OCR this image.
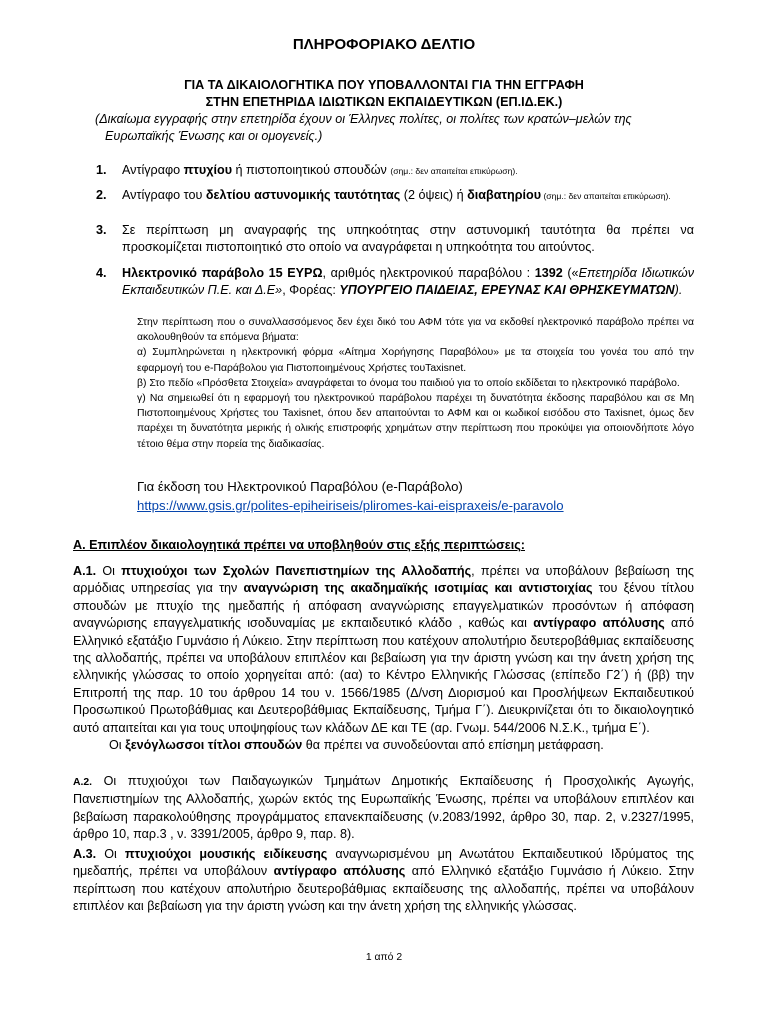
ΠΛΗΡΟΦΟΡΙΑΚΟ ΔΕΛΤΙΟ
ΓΙΑ ΤΑ ΔΙΚΑΙΟΛΟΓΗΤΙΚΑ ΠΟΥ ΥΠΟΒΑΛΛΟΝΤΑΙ ΓΙΑ ΤΗΝ ΕΓΓΡΑΦΗ
ΣΤΗΝ ΕΠΕΤΗΡΙΔΑ ΙΔΙΩΤΙΚΩΝ ΕΚΠΑΙΔΕΥΤΙΚΩΝ (ΕΠ.ΙΔ.ΕΚ.)
(Δικαίωμα εγγραφής στην επετηρίδα έχουν οι Έλληνες πολίτες, οι πολίτες των κρατών–μελών της
Ευρωπαϊκής Ένωσης και οι ομογενείς.)
1. Αντίγραφο πτυχίου ή πιστοποιητικού σπουδών (σημ.: δεν απαιτείται επικύρωση).
2. Αντίγραφο του δελτίου αστυνομικής ταυτότητας (2 όψεις) ή διαβατηρίου (σημ.: δεν απαιτείται επικύρωση).
3. Σε περίπτωση μη αναγραφής της υπηκοότητας στην αστυνομική ταυτότητα θα πρέπει να προσκομίζεται πιστοποιητικό στο οποίο να αναγράφεται η υπηκοότητα του αιτούντος.
4. Ηλεκτρονικό παράβολο 15 ΕΥΡΩ, αριθμός ηλεκτρονικού παραβόλου : 1392 («Επετηρίδα Ιδιωτικών Εκπαιδευτικών Π.Ε. και Δ.Ε», Φορέας: ΥΠΟΥΡΓΕΙΟ ΠΑΙΔΕΙΑΣ, ΕΡΕΥΝΑΣ ΚΑΙ ΘΡΗΣΚΕΥΜΑΤΩΝ).
Στην περίπτωση που ο συναλλασσόμενος δεν έχει δικό του ΑΦΜ τότε για να εκδοθεί ηλεκτρονικό παράβολο πρέπει να ακολουθηθούν τα επόμενα βήματα:
α) Συμπληρώνεται η ηλεκτρονική φόρμα «Αίτημα Χορήγησης Παραβόλου» με τα στοιχεία του γονέα του από την εφαρμογή του e-Παράβολου για Πιστοποιημένους Χρήστες τουTaxisnet.
β) Στο πεδίο «Πρόσθετα Στοιχεία» αναγράφεται το όνομα του παιδιού για το οποίο εκδίδεται το ηλεκτρονικό παράβολο.
γ) Να σημειωθεί ότι η εφαρμογή του ηλεκτρονικού παράβολου παρέχει τη δυνατότητα έκδοσης παραβόλου και σε Μη Πιστοποιημένους Χρήστες του Taxisnet, όπου δεν απαιτούνται το ΑΦΜ και οι κωδικοί εισόδου στο Taxisnet, όμως δεν παρέχει τη δυνατότητα μερικής ή ολικής επιστροφής χρημάτων στην περίπτωση που προκύψει για οποιονδήποτε λόγο τέτοιο θέμα στην πορεία της διαδικασίας.
Για έκδοση του Ηλεκτρονικού Παραβόλου (e-Παράβολο)
https://www.gsis.gr/polites-epiheiriseis/pliromes-kai-eispraxeis/e-paravolo
Α. Επιπλέον δικαιολογητικά πρέπει να υποβληθούν στις εξής περιπτώσεις:
Α.1. Οι πτυχιούχοι των Σχολών Πανεπιστημίων της Αλλοδαπής, πρέπει να υποβάλουν βεβαίωση της αρμόδιας υπηρεσίας για την αναγνώριση της ακαδημαϊκής ισοτιμίας και αντιστοιχίας του ξένου τίτλου σπουδών με πτυχίο της ημεδαπής ή απόφαση αναγνώρισης επαγγελματικών προσόντων ή απόφαση αναγνώρισης επαγγελματικής ισοδυναμίας με εκπαιδευτικό κλάδο , καθώς και αντίγραφο απόλυσης από Ελληνικό εξατάξιο Γυμνάσιο ή Λύκειο. Στην περίπτωση που κατέχουν απολυτήριο δευτεροβάθμιας εκπαίδευσης της αλλοδαπής, πρέπει να υποβάλουν επιπλέον και βεβαίωση για την άριστη γνώση και την άνετη χρήση της ελληνικής γλώσσας το οποίο χορηγείται από: (αα) το Κέντρο Ελληνικής Γλώσσας (επίπεδο Γ2΄) ή (ββ) την Επιτροπή της παρ. 10 του άρθρου 14 του ν. 1566/1985 (Δ/νση Διορισμού και Προσλήψεων Εκπαιδευτικού Προσωπικού Πρωτοβάθμιας και Δευτεροβάθμιας Εκπαίδευσης, Τμήμα Γ΄). Διευκρινίζεται ότι το δικαιολογητικό αυτό απαιτείται και για τους υποψηφίους των κλάδων ΔΕ και ΤΕ (αρ. Γνωμ. 544/2006 Ν.Σ.Κ., τμήμα Ε΄).
Οι ξενόγλωσσοι τίτλοι σπουδών θα πρέπει να συνοδεύονται από επίσημη μετάφραση.
Α.2. Οι πτυχιούχοι των Παιδαγωγικών Τμημάτων Δημοτικής Εκπαίδευσης ή Προσχολικής Αγωγής, Πανεπιστημίων της Αλλοδαπής, χωρών εκτός της Ευρωπαϊκής Ένωσης, πρέπει να υποβάλουν επιπλέον και βεβαίωση παρακολούθησης προγράμματος επανεκπαίδευσης (ν.2083/1992, άρθρο 30, παρ. 2, ν.2327/1995, άρθρο 10, παρ.3 , ν. 3391/2005, άρθρο 9, παρ. 8).
Α.3. Οι πτυχιούχοι μουσικής ειδίκευσης αναγνωρισμένου μη Ανωτάτου Εκπαιδευτικού Ιδρύματος της ημεδαπής, πρέπει να υποβάλουν αντίγραφο απόλυσης από Ελληνικό εξατάξιο Γυμνάσιο ή Λύκειο. Στην περίπτωση που κατέχουν απολυτήριο δευτεροβάθμιας εκπαίδευσης της αλλοδαπής, πρέπει να υποβάλουν επιπλέον και βεβαίωση για την άριστη γνώση και την άνετη χρήση της ελληνικής γλώσσας.
1 από 2
